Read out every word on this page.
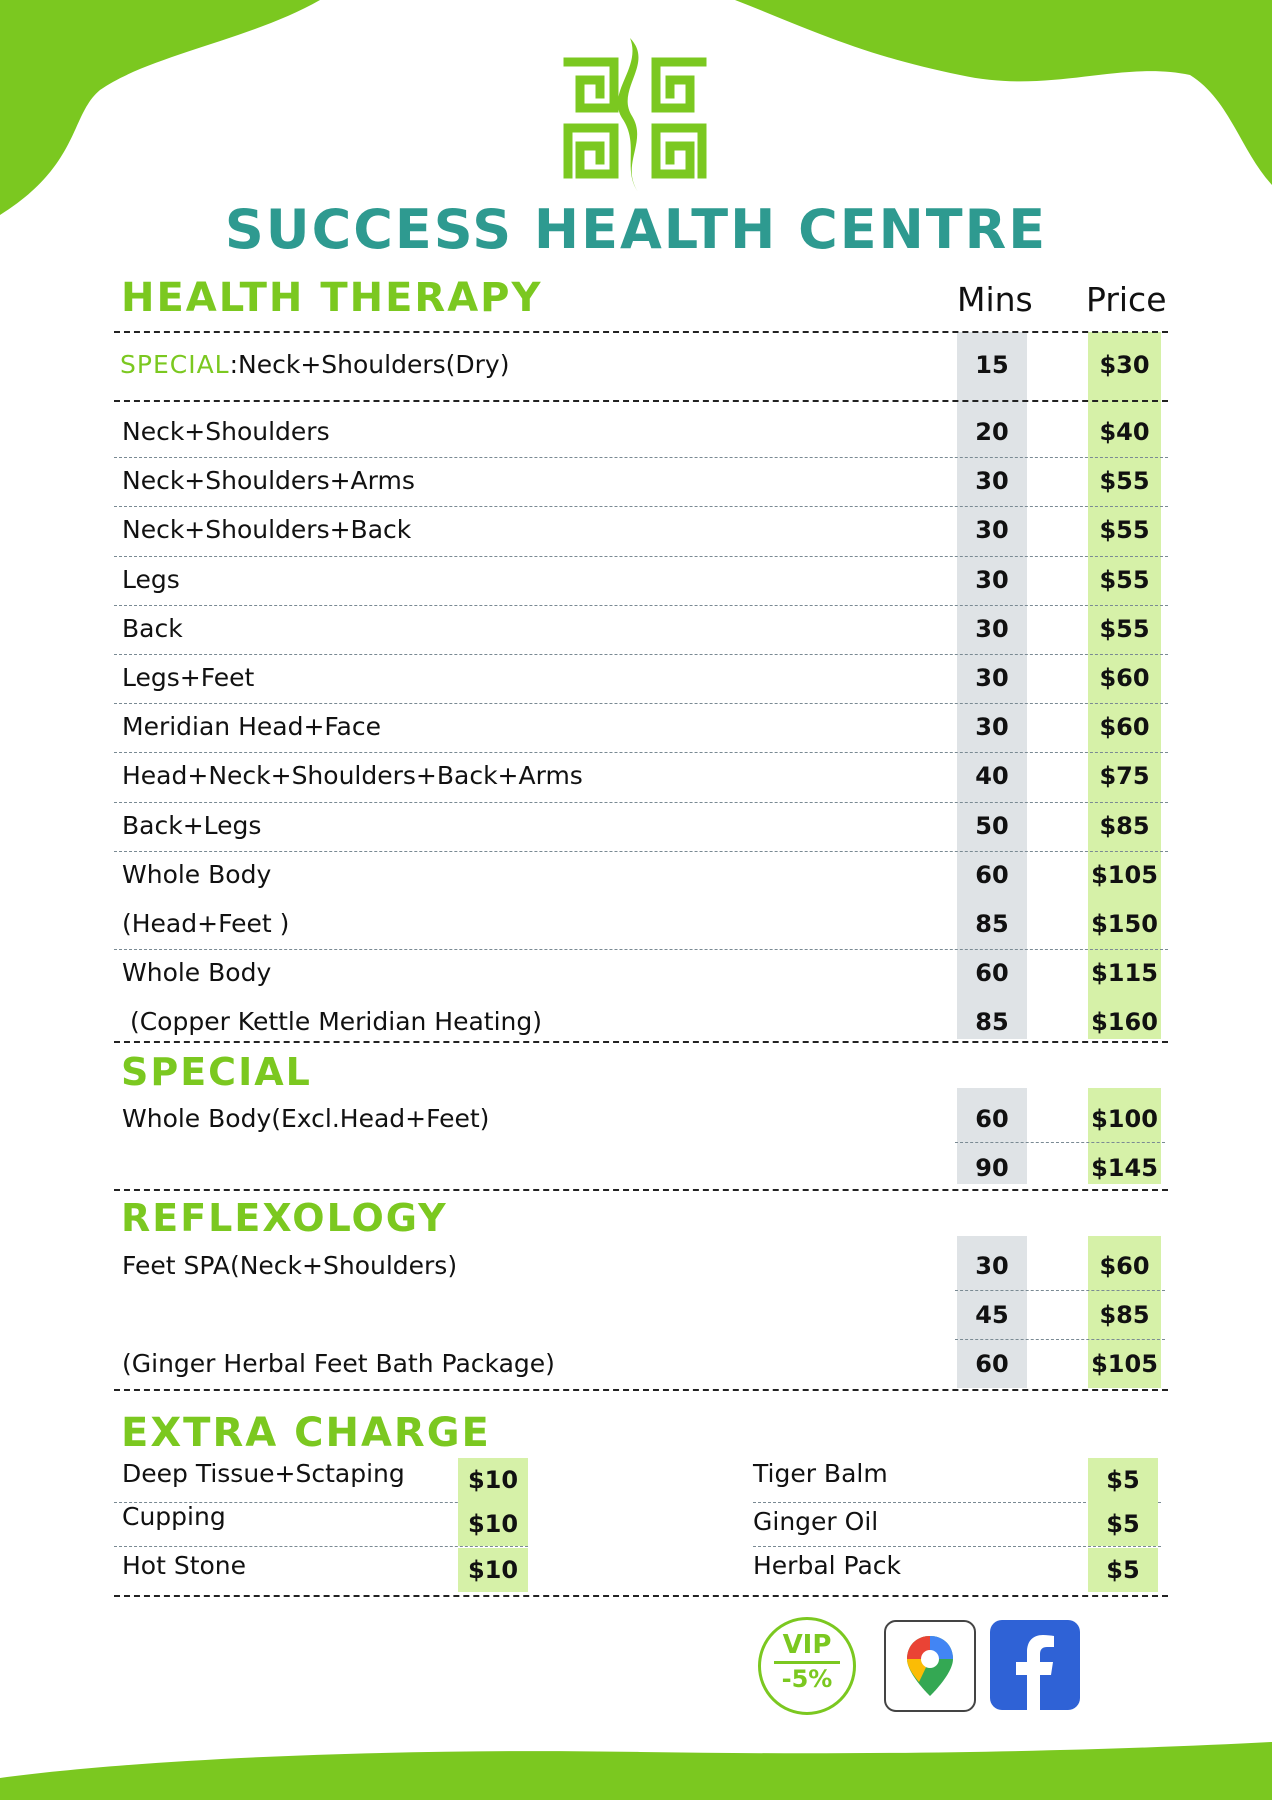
SUCCESS HEALTH CENTRE
HEALTH THERAPY	Mins Price
SPECIAL:Neck+Shoulders(Dry)	15	$30
Neck+Shoulders	20	$40
Neck+Shoulders+Arms	30	$55
Neck+Shoulders+Back	30	$55
Legs	30	$55
Back	30	$55
Legs+Feet	30	$60
Meridian Head+Face	30	$60
Head+Neck+Shoulders+Back+Arms	40	$75
Back+Legs	50	$85
Whole Body	60	$105
(Head+Feet )	85	$150
Whole Body	60	$115
(Copper Kettle Meridian Heating)	85	$160
SPECIAL
Whole Body(Excl.Head+Feet)	60	$100
90	$145
REFLEXOLOGY
Feet SPA(Neck+Shoulders)	30	$60
45	$85
(Ginger Herbal Feet Bath Package)	60	$105
EXTRA CHARGE
Deep Tissue+Sctaping	$10
Cupping	$10
Hot Stone	$10
Tiger Balm	$5
Ginger Oil	$5
Herbal Pack	$5
VIP
-5%
